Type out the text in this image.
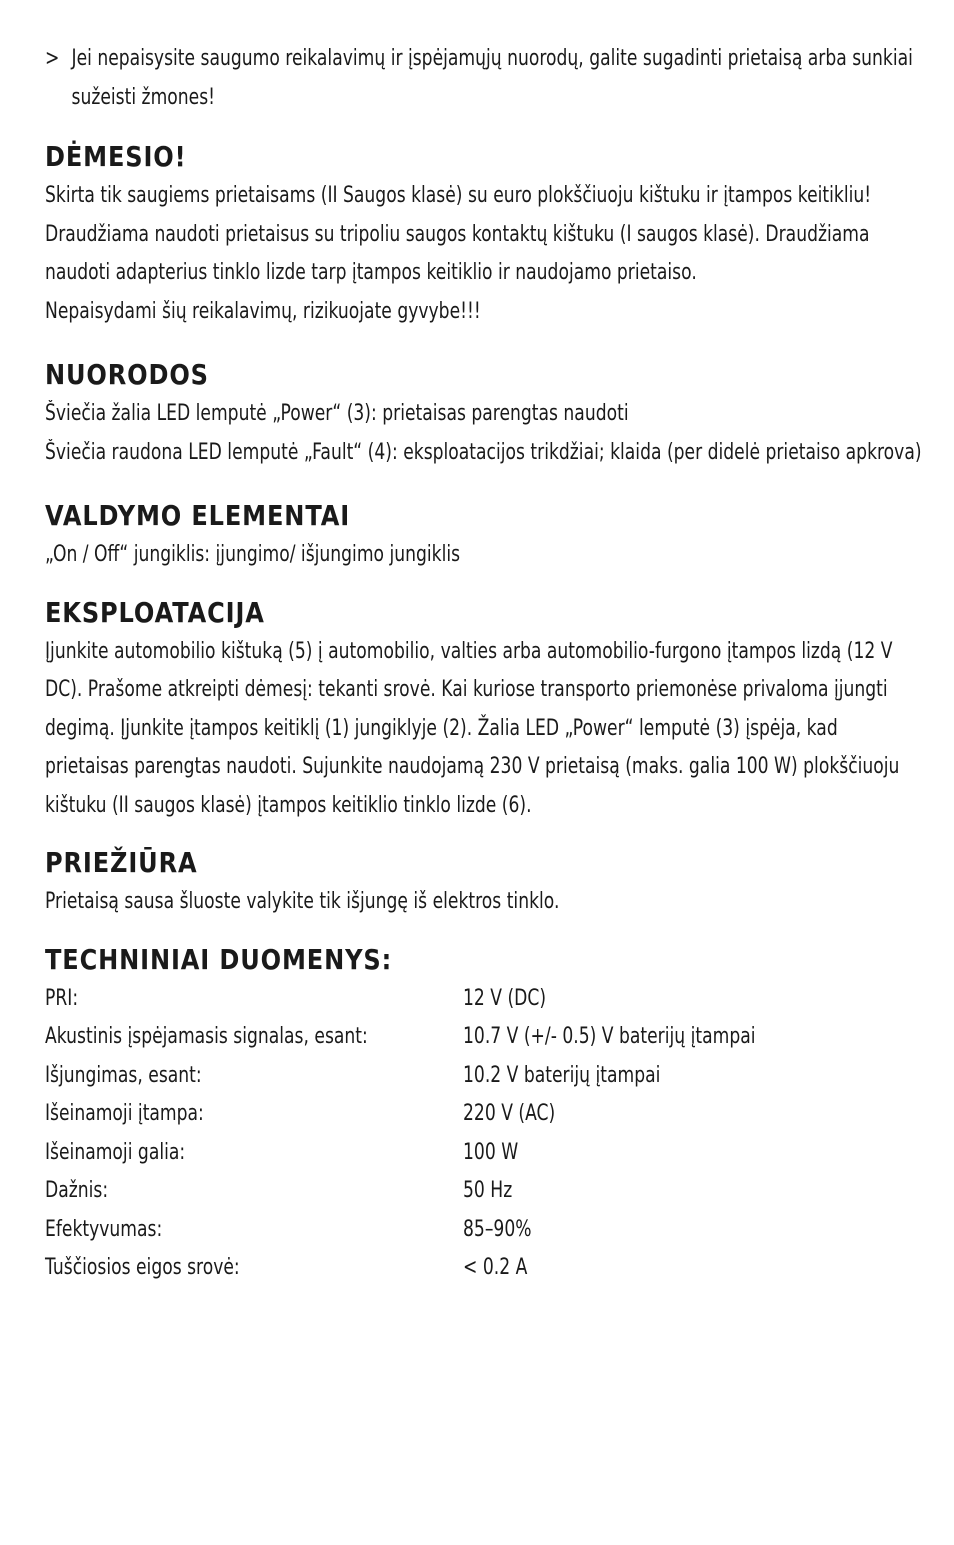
> Jei nepaisysite saugumo reikalavimų ir įspėjamųjų nuorodų, galite sugadinti prietaisą arba sunkiai sužeisti žmones!
DĖMESIO!
Skirta tik saugiems prietaisams (II Saugos klasė) su euro plokščiuoju kištuku ir įtampos keitikliu! Draudžiama naudoti prietaisus su tripoliu saugos kontaktų kištuku (I saugos klasė). Draudžiama naudoti adapterius tinklo lizde tarp įtampos keitiklio ir naudojamo prietaiso.
Nepaisydami šių reikalavimų, rizikuojate gyvybe!!!
NUORODOS
Šviečia žalia LED lemputė „Power“ (3): prietaisas parengtas naudoti
Šviečia raudona LED lemputė „Fault“ (4): eksploatacijos trikdžiai; klaida (per didelė prietaiso apkrova)
VALDYMO ELEMENTAI
„On / Off“ jungiklis: įjungimo/ išjungimo jungiklis
EKSPLOATACIJA
Įjunkite automobilio kištuką (5) į automobilio, valties arba automobilio-furgono įtampos lizdą (12 V DC). Prašome atkreipti dėmesį: tekanti srovė. Kai kuriose transporto priemonėse privaloma įjungti degimą. Įjunkite įtampos keitiklį (1) jungiklyje (2). Žalia LED „Power“ lemputė (3) įspėja, kad prietaisas parengtas naudoti. Sujunkite naudojamą 230 V prietaisą (maks. galia 100 W) plokščiuoju kištuku (II saugos klasė) įtampos keitiklio tinklo lizde (6).
PRIEŽIŪRA
Prietaisą sausa šluoste valykite tik išjungę iš elektros tinklo.
TECHNINIAI DUOMENYS:
PRI:	12 V (DC)
Akustinis įspėjamasis signalas, esant:	10.7 V (+/- 0.5) V baterijų įtampai
Išjungimas, esant:	10.2 V baterijų įtampai
Išeinamoji įtampa:	220 V (AC)
Išeinamoji galia:	100 W
Dažnis:	50 Hz
Efektyvumas:	85–90%
Tuščiosios eigos srovė:	< 0.2 A
